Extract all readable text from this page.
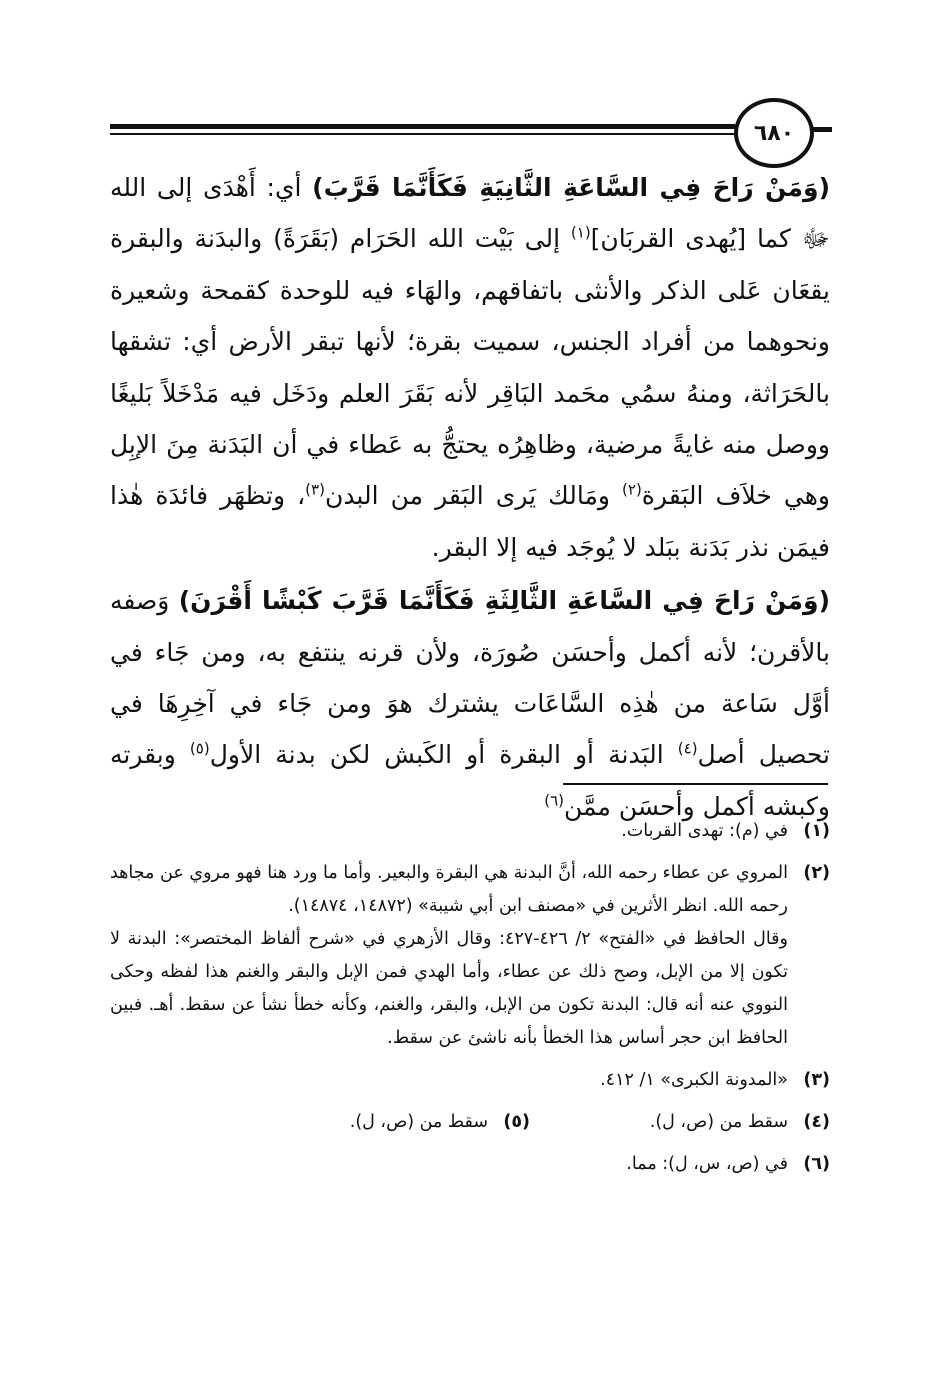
٦٨٠

(وَمَنْ رَاحَ فِي السَّاعَةِ الثَّانِيَةِ فَكَأَنَّمَا قَرَّبَ) أي: أَهْدَى إلى الله ﷻ كما [يُهدى القربَان]$^{(١)}$ إلى بَيْت الله الحَرَام (بَقَرَةً) والبدَنة والبقرة يقعَان عَلى الذكر والأنثى باتفاقهم، والهَاء فيه للوحدة كقمحة وشعيرة ونحوهما من أفراد الجنس، سميت بقرة؛ لأنها تبقر الأرض أي: تشقها بالحَرَاثة، ومنهُ سمُي محَمد البَاقِر لأنه بَقَرَ العلم ودَخَل فيه مَدْخَلاً بَليغًا ووصل منه غايةً مرضية، وظاهِرُه يحتجُّ به عَطاء في أن البَدَنة مِنَ الإبِل وهي خلاَف البَقرة$^{(٢)}$ ومَالك يَرى البَقر من البدن$^{(٣)}$، وتظهَر فائدَة هٰذا فيمَن نذر بَدَنة ببَلد لا يُوجَد فيه إلا البقر.

(وَمَنْ رَاحَ فِي السَّاعَةِ الثَّالِثَةِ فَكَأَنَّمَا قَرَّبَ كَبْشًا أَقْرَنَ) وَصفه بالأقرن؛ لأنه أكمل وأحسَن صُورَة، ولأن قرنه ينتفع به، ومن جَاء في أوَّل سَاعة من هٰذِه السَّاعَات يشترك هوَ ومن جَاء في آخِرِهَا في تحصيل أصل$^{(٤)}$ البَدنة أو البقرة أو الكَبش لكن بدنة الأول$^{(٥)}$ وبقرته وكبشه أكمل وأحسَن ممَّن$^{(٦)}$

(١)

في (م): تهدى القربات.

(٢)

المروي عن عطاء رحمه الله، أنَّ البدنة هي البقرة والبعير. وأما ما ورد هنا فهو مروي عن مجاهد رحمه الله. انظر الأثرين في «مصنف ابن أبي شيبة» (١٤٨٧٢، ١٤٨٧٤).

وقال الحافظ في «الفتح» ٢/ ٤٢٦-٤٢٧: وقال الأزهري في «شرح ألفاظ المختصر»: البدنة لا تكون إلا من الإبل، وصح ذلك عن عطاء، وأما الهدي فمن الإبل والبقر والغنم هذا لفظه وحكى النووي عنه أنه قال: البدنة تكون من الإبل، والبقر، والغنم، وكأنه خطأ نشأ عن سقط. أهـ. فبين الحافظ ابن حجر أساس هذا الخطأ بأنه ناشئ عن سقط.

(٣)

«المدونة الكبرى» ١/ ٤١٢.

(٤)
سقط من (ص، ل).
(٥)
سقط من (ص، ل).
(٦)

في (ص، س، ل): مما.
